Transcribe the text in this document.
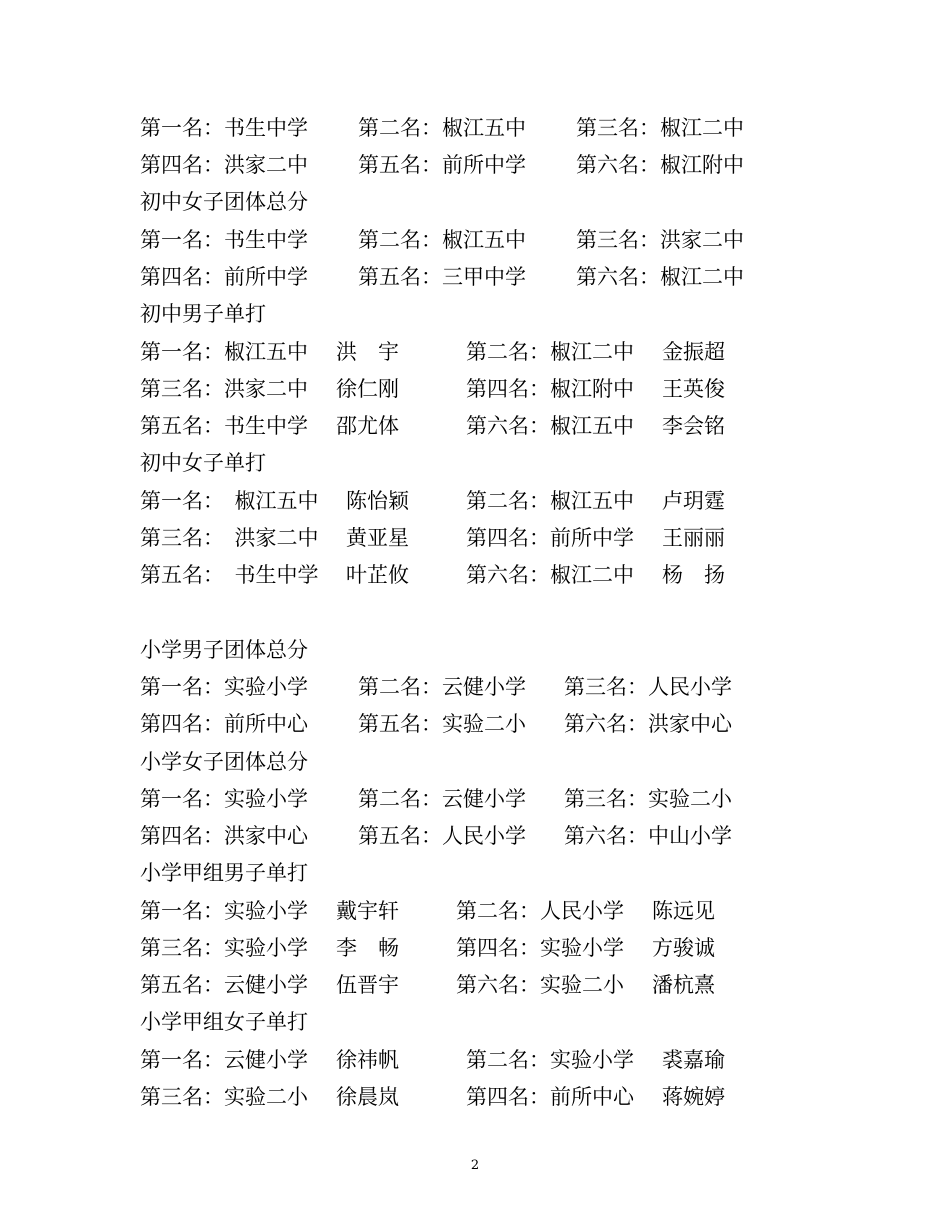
第一名：书生中学 第二名：椒江五中 第三名：椒江二中
第四名：洪家二中 第五名：前所中学 第六名：椒江附中
初中女子团体总分
第一名：书生中学 第二名：椒江五中 第三名：洪家二中
第四名：前所中学 第五名：三甲中学 第六名：椒江二中
初中男子单打
第一名：椒江五中 洪　宇	第二名：椒江二中 金振超
第三名：洪家二中 徐仁刚	第四名：椒江附中 王英俊
第五名：书生中学 邵尤体	第六名：椒江五中 李会铭
初中女子单打
第一名：　椒江五中 陈怡颖	第二名：椒江五中 卢玥霆
第三名：　洪家二中 黄亚星	第四名：前所中学 王丽丽
第五名：　书生中学 叶芷攸	第六名：椒江二中 杨　扬
小学男子团体总分
第一名：实验小学 第二名：云健小学 第三名：人民小学
第四名：前所中心 第五名：实验二小 第六名：洪家中心
小学女子团体总分
第一名：实验小学 第二名：云健小学 第三名：实验二小
第四名：洪家中心 第五名：人民小学 第六名：中山小学
小学甲组男子单打
第一名：实验小学 戴宇轩	第二名：人民小学 陈远见
第三名：实验小学 李　畅	第四名：实验小学 方骏诚
第五名：云健小学 伍晋宇	第六名：实验二小 潘杭熹
小学甲组女子单打
第一名：云健小学 徐祎帆	第二名：实验小学 裘嘉瑜
第三名：实验二小 徐晨岚	第四名：前所中心 蒋婉婷
2
